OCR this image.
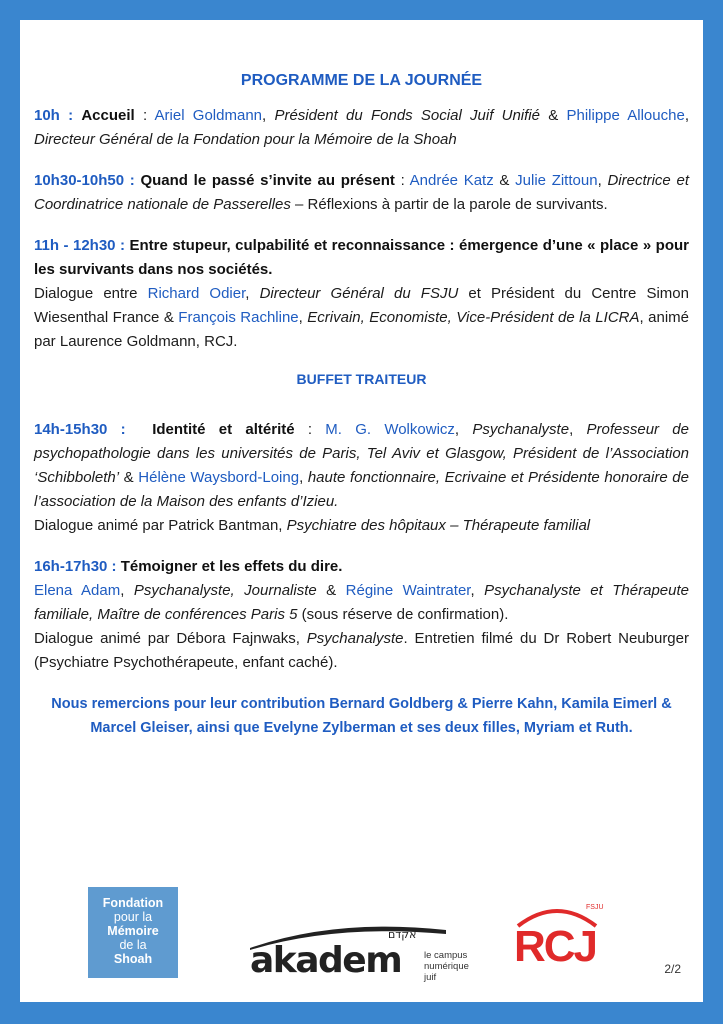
PROGRAMME DE LA JOURNÉE

10h : Accueil : Ariel Goldmann, Président du Fonds Social Juif Unifié & Philippe Allouche, Directeur Général de la Fondation pour la Mémoire de la Shoah

10h30-10h50 : Quand le passé s’invite au présent : Andrée Katz & Julie Zittoun, Directrice et Coordinatrice nationale de Passerelles – Réflexions à partir de la parole de survivants.

11h - 12h30 : Entre stupeur, culpabilité et reconnaissance : émergence d’une « place » pour les survivants dans nos sociétés.

Dialogue entre Richard Odier, Directeur Général du FSJU et Président du Centre Simon Wiesenthal France & François Rachline, Ecrivain, Economiste, Vice-Président de la LICRA, animé par Laurence Goldmann, RCJ.

BUFFET TRAITEUR

14h-15h30 : Identité et altérité : M. G. Wolkowicz, Psychanalyste, Professeur de psychopathologie dans les universités de Paris, Tel Aviv et Glasgow, Président de l’Association ‘Schibboleth’ & Hélène Waysbord-Loing, haute fonctionnaire, Ecrivaine et Présidente honoraire de l’association de la Maison des enfants d’Izieu.

Dialogue animé par Patrick Bantman, Psychiatre des hôpitaux – Thérapeute familial

16h-17h30 : Témoigner et les effets du dire.

Elena Adam, Psychanalyste, Journaliste & Régine Waintrater, Psychanalyste et Thérapeute familiale, Maître de conférences Paris 5 (sous réserve de confirmation).

Dialogue animé par Débora Fajnwaks, Psychanalyste. Entretien filmé du Dr Robert Neuburger (Psychiatre Psychothérapeute, enfant caché).

Nous remercions pour leur contribution Bernard Goldberg & Pierre Kahn, Kamila Eimerl & Marcel Gleiser, ainsi que Evelyne Zylberman et ses deux filles, Myriam et Ruth.
Fondation
pour la
Mémoire
de la
Shoah
אקדם
akadem le campus
numérique juif
FSJU
RCJ	2/2
